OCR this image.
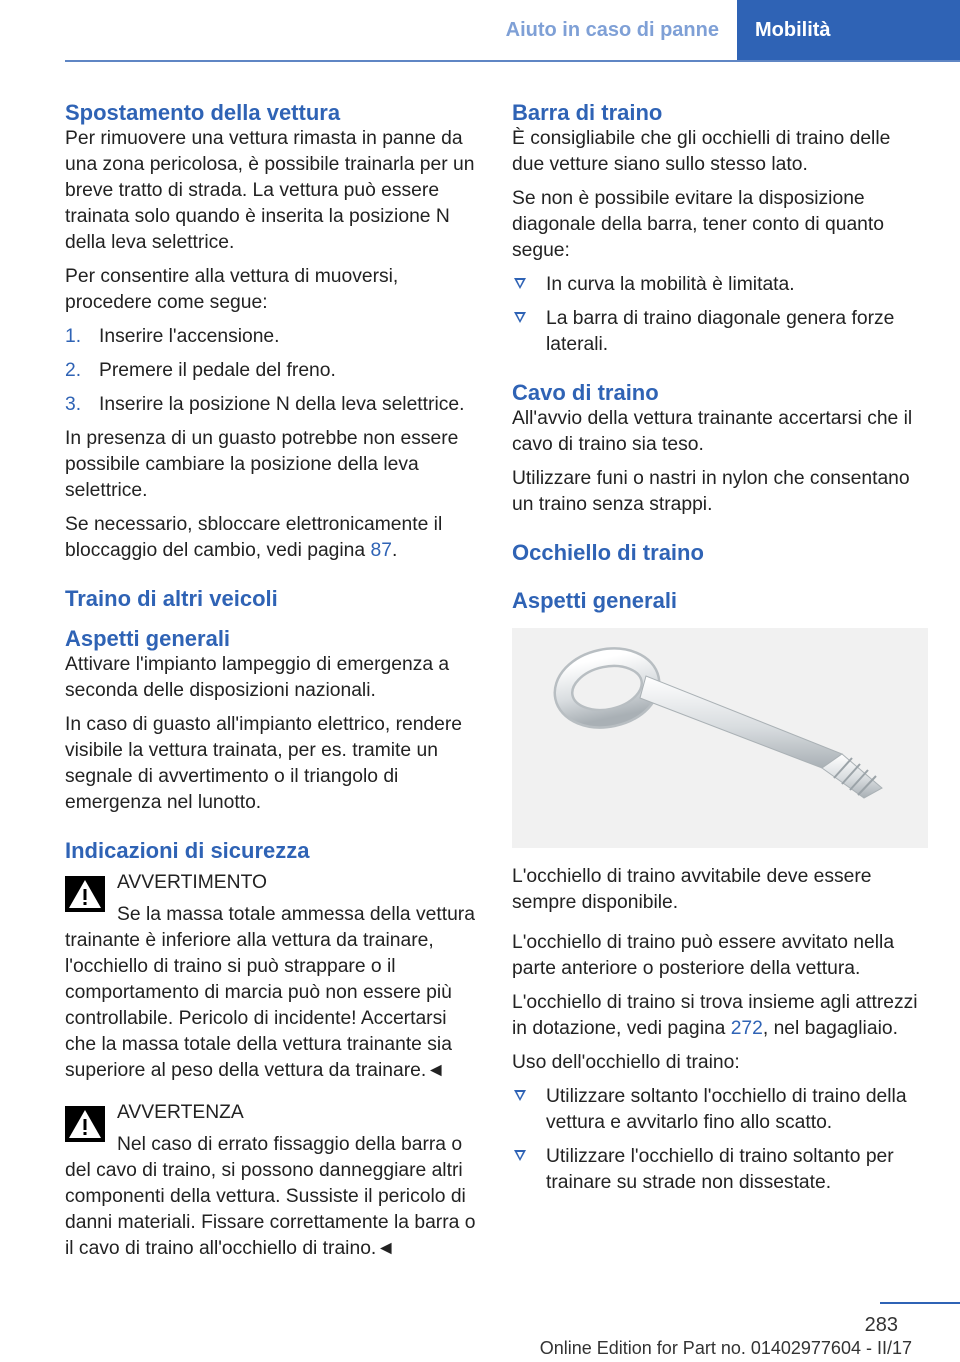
Aiuto in caso di panne	Mobilità
Spostamento della vettura

Per rimuovere una vettura rimasta in panne da una zona pericolosa, è possibile trainarla per un breve tratto di strada. La vettura può essere trainata solo quando è inserita la posizione N della leva selettrice.

Per consentire alla vettura di muoversi, procedere come segue:

1. Inserire l'accensione.
2. Premere il pedale del freno.
3. Inserire la posizione N della leva selettrice.

In presenza di un guasto potrebbe non essere possibile cambiare la posizione della leva selettrice.

Se necessario, sbloccare elettronicamente il bloccaggio del cambio, vedi pagina 87.

Traino di altri veicoli
Aspetti generali

Attivare l'impianto lampeggio di emergenza a seconda delle disposizioni nazionali.

In caso di guasto all'impianto elettrico, rendere visibile la vettura trainata, per es. tramite un segnale di avvertimento o il triangolo di emergenza nel lunotto.

Indicazioni di sicurezza
AVVERTIMENTO
Se la massa totale ammessa della vettura trainante è inferiore alla vettura da trainare, l'occhiello di traino si può strappare o il comportamento di marcia può non essere più controllabile. Pericolo di incidente! Accertarsi che la massa totale della vettura trainante sia superiore al peso della vettura da trainare.◄
AVVERTENZA
Nel caso di errato fissaggio della barra o del cavo di traino, si possono danneggiare altri componenti della vettura. Sussiste il pericolo di danni materiali. Fissare correttamente la barra o il cavo di traino all'occhiello di traino.◄
Barra di traino

È consigliabile che gli occhielli di traino delle due vetture siano sullo stesso lato.

Se non è possibile evitare la disposizione diagonale della barra, tener conto di quanto segue:

In curva la mobilità è limitata.
La barra di traino diagonale genera forze laterali.
Cavo di traino

All'avvio della vettura trainante accertarsi che il cavo di traino sia teso.

Utilizzare funi o nastri in nylon che consentano un traino senza strappi.

Occhiello di traino
Aspetti generali

L'occhiello di traino avvitabile deve essere sempre disponibile.

L'occhiello di traino può essere avvitato nella parte anteriore o posteriore della vettura.

L'occhiello di traino si trova insieme agli attrezzi in dotazione, vedi pagina 272, nel bagagliaio.

Uso dell'occhiello di traino:

Utilizzare soltanto l'occhiello di traino della vettura e avvitarlo fino allo scatto.
Utilizzare l'occhiello di traino soltanto per trainare su strade non dissestate.
283
Online Edition for Part no. 01402977604 - II/17
